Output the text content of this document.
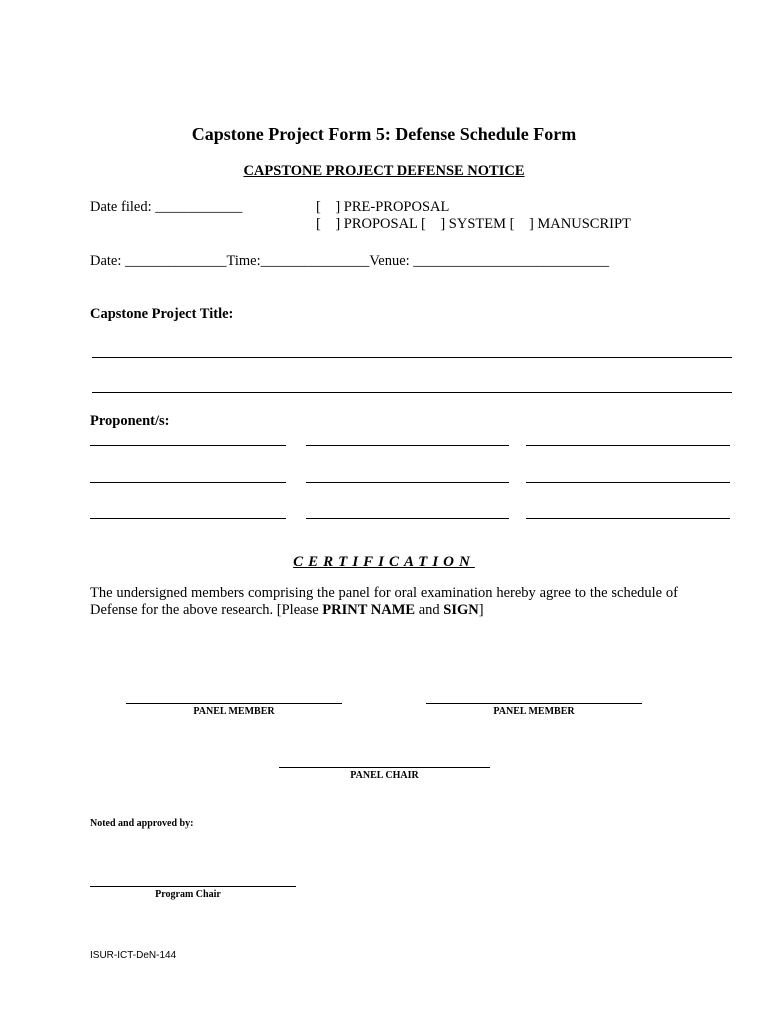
Capstone Project Form 5: Defense Schedule Form
CAPSTONE PROJECT DEFENSE NOTICE
Date filed: ____________	[    ] PRE-PROPOSAL
[    ] PROPOSAL [    ] SYSTEM [    ] MANUSCRIPT
Date: ______________Time:_______________Venue: ___________________________
Capstone Project Title:
Proponent/s:
CERTIFICATION
The undersigned members comprising the panel for oral examination hereby agree to the schedule of Defense for the above research. [Please PRINT NAME and SIGN]
PANEL MEMBER	PANEL MEMBER
PANEL CHAIR
Noted and approved by:
Program Chair
ISUR-ICT-DeN-144
